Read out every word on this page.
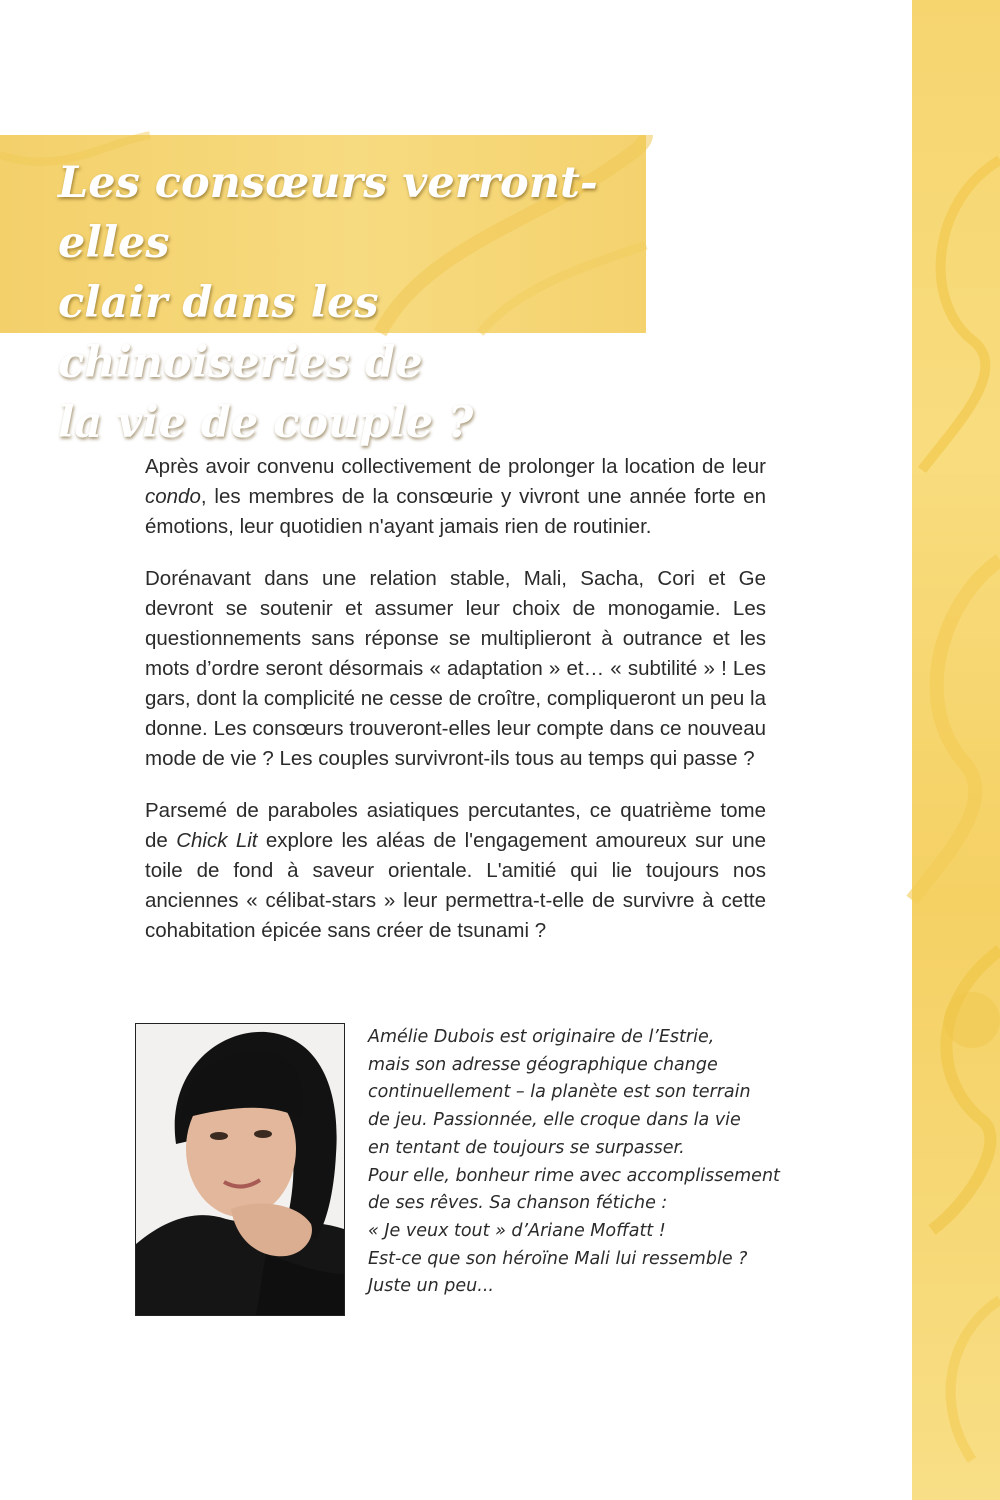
Les consœurs verront-elles
clair dans les chinoiseries de
la vie de couple ?

Après avoir convenu collectivement de prolonger la location de leur condo, les membres de la consœurie y vivront une année forte en émotions, leur quotidien n'ayant jamais rien de routinier.

Dorénavant dans une relation stable, Mali, Sacha, Cori et Ge devront se soutenir et assumer leur choix de monogamie. Les questionnements sans réponse se multiplieront à outrance et les mots d’ordre seront désormais « adaptation » et… « subtilité » ! Les gars, dont la complicité ne cesse de croître, compliqueront un peu la donne. Les consœurs trouveront-elles leur compte dans ce nouveau mode de vie ? Les couples survivront-ils tous au temps qui passe ?

Parsemé de paraboles asiatiques percutantes, ce quatrième tome de Chick Lit explore les aléas de l'engagement amoureux sur une toile de fond à saveur orientale. L'amitié qui lie toujours nos anciennes « célibat-stars » leur permettra-t-elle de survivre à cette cohabitation épicée sans créer de tsunami ?

Amélie Dubois est originaire de l’Estrie,
mais son adresse géographique change
continuellement – la planète est son terrain
de jeu. Passionnée, elle croque dans la vie
en tentant de toujours se surpasser.
Pour elle, bonheur rime avec accomplissement
de ses rêves. Sa chanson fétiche :
« Je veux tout » d’Ariane Moffatt !
Est-ce que son héroïne Mali lui ressemble ?
Juste un peu...
